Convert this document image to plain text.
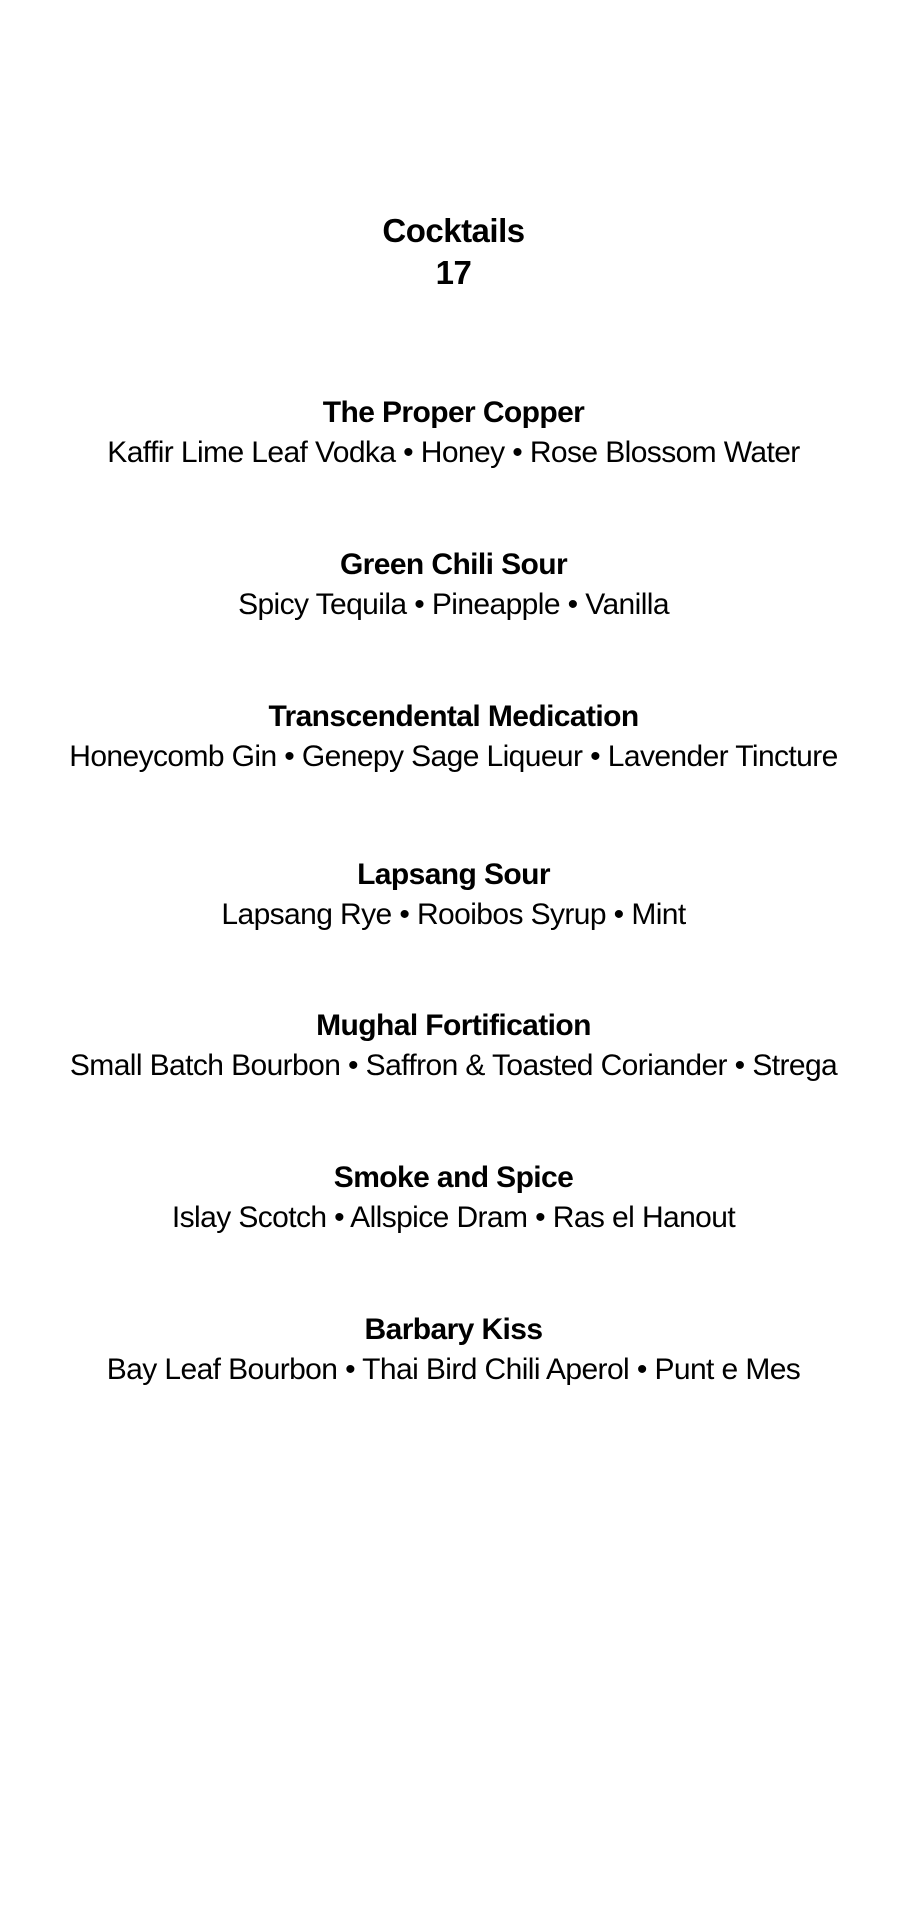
Cocktails
17
The Proper Copper
Kaffir Lime Leaf Vodka • Honey • Rose Blossom Water
Green Chili Sour
Spicy Tequila • Pineapple • Vanilla
Transcendental Medication
Honeycomb Gin • Genepy Sage Liqueur • Lavender Tincture
Lapsang Sour
Lapsang Rye • Rooibos Syrup • Mint
Mughal Fortification
Small Batch Bourbon • Saffron & Toasted Coriander • Strega
Smoke and Spice
Islay Scotch • Allspice Dram • Ras el Hanout
Barbary Kiss
Bay Leaf Bourbon • Thai Bird Chili Aperol • Punt e Mes
